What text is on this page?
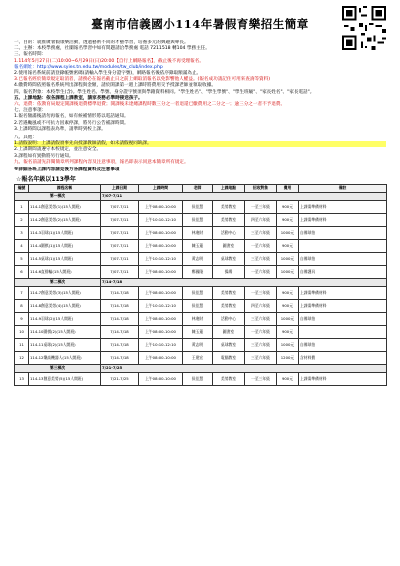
臺南市信義國小114年暑假育樂招生簡章
一、目的：就推廣暑假康樂活動，透過藝術不同的才藝學習，培養多元的興趣與專長。
二、主辦：本校學務處，社團報名學習中如有問題請洽學務處 電話 7211518 轉104 學務主任。
三、報名時間：
1.114年5月27日(二)10:00~6月29日(日)20:00【自行上網路報名】，截止後不再受理報名。
報名網址：http://www.syies.tn.edu.tw/modules/tw_club/index.php
2.使用報名系統前請登錄帳號密碼(請輸入學生身分證字號)，網路報名後依序錄取額滿為止。
3.已報名經於簡章規定取消者，請務必在報名截止日之前上網取消報名以免影響他人權益。(報名成功請記住可用來查詢等資料)
4.繳費時間依照報名系統列出課程與金額，請於開課第一週上課時將費用交予授課老師並領取收據。
四、報名對象：本校學生(含)。學生姓名、學號、身分證字號須與學籍資料相同。"學生姓名"、"學生學號"、"學生班級"、"家長姓名"、"家長電話"。
五、上課地點：依各課程上課教室，請家長務必準時接送孩子。
六、退費：依教育局規定開課後退費標準退費；開課後未達總課程時數三分之一者退還已繳費用之二分之一；逾三分之一者不予退費。
七、注意事項：
1.報名額滿後請勿再報名，如有候補情形將以電話通知。
2.若遇颱風或不可抗力因素停課，將另行公告補課時間。
3.上課時間以課程表為準，請準時到校上課。
八、其他：
1.請假說明：上課請假須事先向授課教師請假，如未請假視同缺課。
2.上課期間請遵守本校規定，並注意安全。
3.課程如有異動將另行通知。
九、報名前請先詳閱簡章所列課程內容及注意事項，報名即表示同意本簡章所有規定。
※詳細各班上課內容請見後方各課程資料及注意事項
☆報名年級以113學年
編號	課程名稱	上課日期	上課時間	老師	上課地點	招收對象	費用	備註
第一梯次		7/07-7/11						
1	114-1創意美勞(1)(15人開班)	7/07-7/11	上午08:00-10:00	侯佳慧	美勞教室	一至三年級	900元	上課需準備材料
2	114-2創意美勞(2)(15人開班)	7/07-7/11	上午10:10-12:10	侯佳慧	美勞教室	四至六年級	900元	上課需準備材料
3	114-3羽球(1)(15人開班)	7/07-7/11	上午08:00-10:00	林進財	活動中心	三至六年級	1000元	自備球拍
4	114-4圍棋(1)(15人開班)	7/07-7/11	上午08:00-10:00	陳玉蓮	圖書室	一至六年級	900元	
5	114-5桌球(1)(15人開班)	7/07-7/11	上午10:10-12:10	黃志明	桌球教室	三至六年級	1000元	自備球拍
6	114-6直排輪(15人開班)	7/07-7/11	上午08:00-10:00	鄭國隆	操場	一至六年級	1000元	自備護具
第二梯次		7/14-7/18						
7	114-7創意美勞(3)(15人開班)	7/14-7/18	上午08:00-10:00	侯佳慧	美勞教室	一至三年級	900元	上課需準備材料
8	114-8創意美勞(4)(15人開班)	7/14-7/18	上午10:10-12:10	侯佳慧	美勞教室	四至六年級	900元	上課需準備材料
9	114-9羽球(2)(15人開班)	7/14-7/18	上午08:00-10:00	林進財	活動中心	三至六年級	1000元	自備球拍
10	114-10圍棋(2)(15人開班)	7/14-7/18	上午08:00-10:00	陳玉蓮	圖書室	一至六年級	900元	
11	114-11桌球(2)(15人開班)	7/14-7/18	上午10:10-12:10	黃志明	桌球教室	三至六年級	1000元	自備球拍
12	114-12樂高機器人(15人開班)	7/14-7/18	上午08:00-10:00	王建宏	電腦教室	三至六年級	1200元	含材料費
第三梯次		7/21-7/25						
13	114-13創意美勞(5)(15人開班)	7/21-7/25	上午08:00-10:00	侯佳慧	美勞教室	一至三年級	900元	上課需準備材料
